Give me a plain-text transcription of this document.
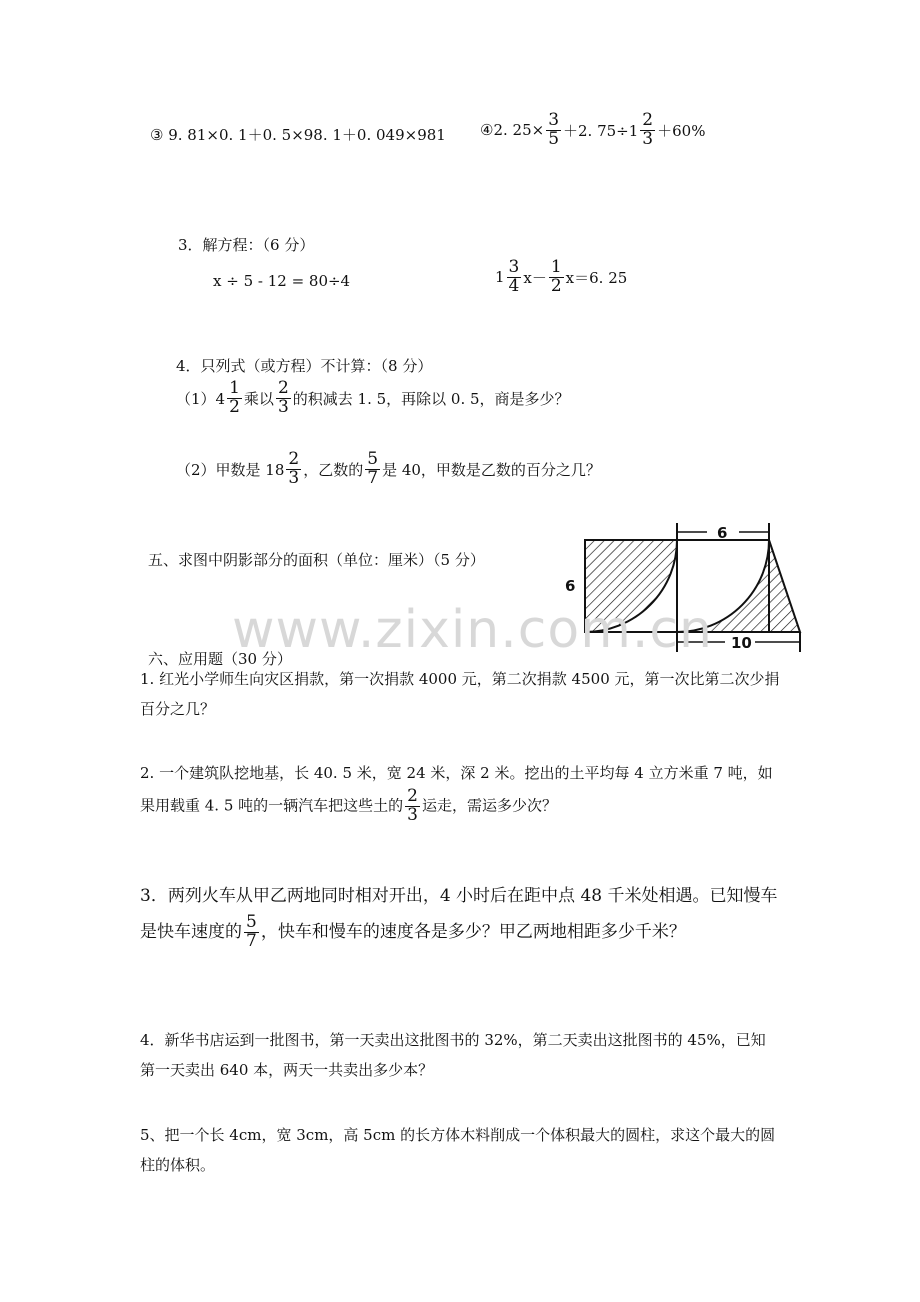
③ 9. 81×0. 1＋0. 5×98. 1＋0. 049×981 ④2. $25\times \frac{3}{5} +2$. $75\div 1 \frac{2}{3} +60\%$
3．解方程：（6 分）
x ÷ 5 - 12 = 80÷4	$1 \frac{3}{4} x- \frac{1}{2} x=6$. 25
4．只列式（或方程）不计算：（8 分）
$(1)4 \frac{1}{2}$ 乘以 $\frac{2}{3}$ 的积减去 1. 5，再除以 0. 5，商是多少？
（2）甲数是 $18 \frac{2}{3}$ ，乙数的 $\frac{5}{7}$ 是 40，甲数是乙数的百分之几？
五、求图中阴影部分的面积（单位：厘米）（5 分）
6
6
10
www.zixin.com.cn
六、应用题（30 分）
1. 红光小学师生向灾区捐款，第一次捐款 4000 元，第二次捐款 4500 元，第一次比第二次少捐百分之几？
2. 一个建筑队挖地基，长 40. 5 米，宽 24 米，深 2 米。挖出的土平均每 4 立方米重 7 吨，如果用载重 4. 5 吨的一辆汽车把这些土的 $\frac{2}{3}$ 运走，需运多少次？
3．两列火车从甲乙两地同时相对开出，4 小时后在距中点 48 千米处相遇。已知慢车是快车速度的 $\frac{5}{7}$ ，快车和慢车的速度各是多少？甲乙两地相距多少千米？
4．新华书店运到一批图书，第一天卖出这批图书的 32%，第二天卖出这批图书的 45%，已知第一天卖出 640 本，两天一共卖出多少本？
5、把一个长 4cm，宽 3cm，高 5cm 的长方体木料削成一个体积最大的圆柱，求这个最大的圆柱的体积。
